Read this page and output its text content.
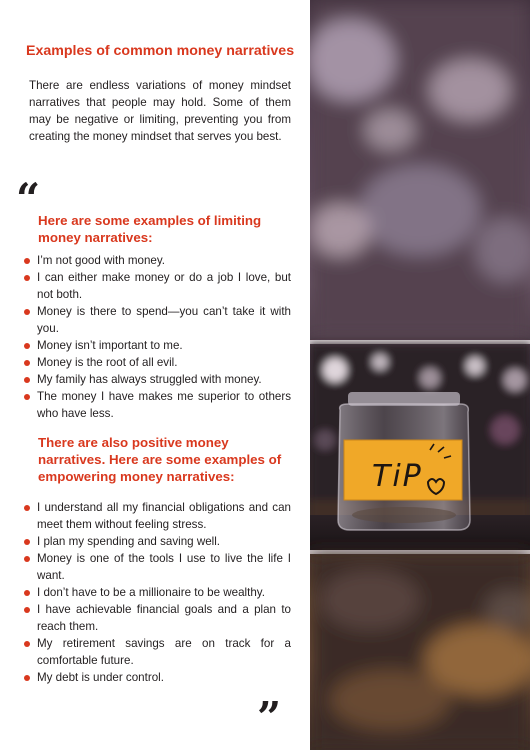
Examples of common money narratives

There are endless variations of money mindset narratives that people may hold. Some of them may be negative or limiting, preventing you from creating the money mindset that serves you best.

“
Here are some examples of limiting money narratives:
I’m not good with money.
I can either make money or do a job I love, but not both.
Money is there to spend—you can’t take it with you.
Money isn’t important to me.
Money is the root of all evil.
My family has always struggled with money.
The money I have makes me superior to others who have less.
There are also positive money narratives. Here are some examples of empowering money narratives:
I understand all my financial obligations and can meet them without feeling stress.
I plan my spending and saving well.
Money is one of the tools I use to live the life I want.
I don’t have to be a millionaire to be wealthy.
I have achievable financial goals and a plan to reach them.
My retirement savings are on track for a comfortable future.
My debt is under control.
”
TiP
